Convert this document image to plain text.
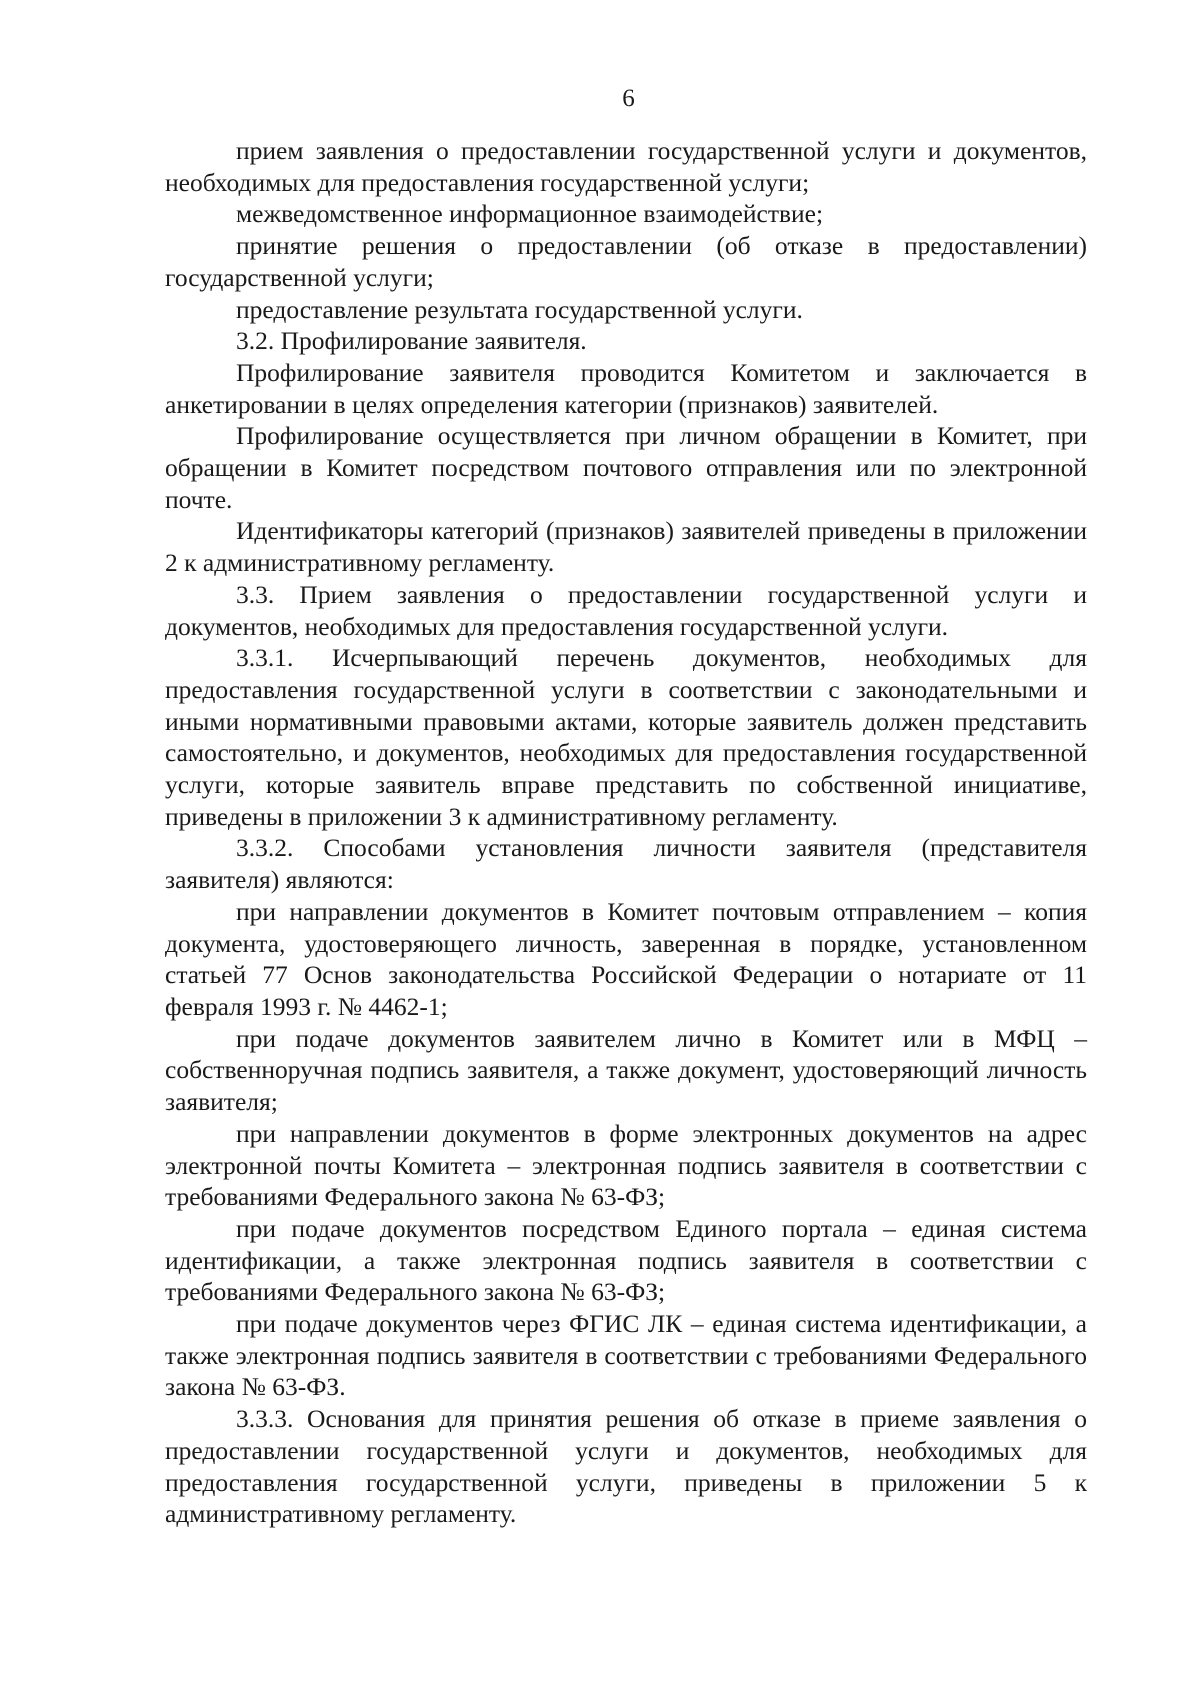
6

прием заявления о предоставлении государственной услуги и документов, необходимых для предоставления государственной услуги;

межведомственное информационное взаимодействие;

принятие решения о предоставлении (об отказе в предоставлении) государственной услуги;

предоставление результата государственной услуги.

3.2. Профилирование заявителя.

Профилирование заявителя проводится Комитетом и заключается в анкетировании в целях определения категории (признаков) заявителей.

Профилирование осуществляется при личном обращении в Комитет, при обращении в Комитет посредством почтового отправления или по электронной почте.

Идентификаторы категорий (признаков) заявителей приведены в приложении 2 к административному регламенту.

3.3. Прием заявления о предоставлении государственной услуги и документов, необходимых для предоставления государственной услуги.

3.3.1. Исчерпывающий перечень документов, необходимых для предоставления государственной услуги в соответствии с законодательными и иными нормативными правовыми актами, которые заявитель должен представить самостоятельно, и документов, необходимых для предоставления государственной услуги, которые заявитель вправе представить по собственной инициативе, приведены в приложении 3 к административному регламенту.

3.3.2. Способами установления личности заявителя (представителя заявителя) являются:

при направлении документов в Комитет почтовым отправлением – копия документа, удостоверяющего личность, заверенная в порядке, установленном статьей 77 Основ законодательства Российской Федерации о нотариате от 11 февраля 1993 г. № 4462-1;

при подаче документов заявителем лично в Комитет или в МФЦ – собственноручная подпись заявителя, а также документ, удостоверяющий личность заявителя;

при направлении документов в форме электронных документов на адрес электронной почты Комитета – электронная подпись заявителя в соответствии с требованиями Федерального закона № 63-ФЗ;

при подаче документов посредством Единого портала – единая система идентификации, а также электронная подпись заявителя в соответствии с требованиями Федерального закона № 63-ФЗ;

при подаче документов через ФГИС ЛК – единая система идентификации, а также электронная подпись заявителя в соответствии с требованиями Федерального закона № 63-ФЗ.

3.3.3. Основания для принятия решения об отказе в приеме заявления о предоставлении государственной услуги и документов, необходимых для предоставления государственной услуги, приведены в приложении 5 к административному регламенту.
